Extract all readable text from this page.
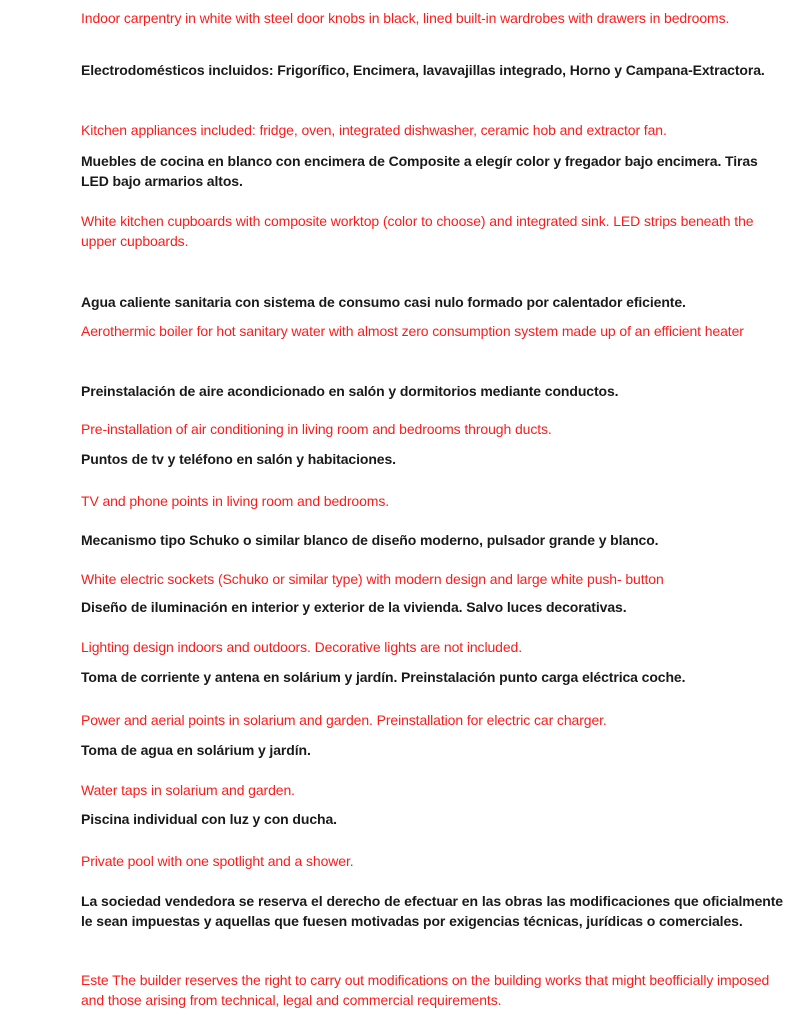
Indoor carpentry in white with steel door knobs in black, lined built-in wardrobes with drawers in bedrooms.

Electrodomésticos incluidos: Frigorífico, Encimera, lavavajillas integrado, Horno y Campana-Extractora.

Kitchen appliances included: fridge, oven, integrated dishwasher, ceramic hob and extractor fan.

Muebles de cocina en blanco con encimera de Composite a elegír color y fregador bajo encimera. Tiras LED bajo armarios altos.

White kitchen cupboards with composite worktop (color to choose) and integrated sink. LED strips beneath the upper cupboards.

Agua caliente sanitaria con sistema de consumo casi nulo formado por calentador eficiente.

Aerothermic boiler for hot sanitary water with almost zero consumption system made up of an efficient heater

Preinstalación de aire acondicionado en salón y dormitorios mediante conductos.

Pre-installation of air conditioning in living room and bedrooms through ducts.

Puntos de tv y teléfono en salón y habitaciones.

TV and phone points in living room and bedrooms.

Mecanismo tipo Schuko o similar blanco de diseño moderno, pulsador grande y blanco.

White electric sockets (Schuko or similar type) with modern design and large white push- button

Diseño de iluminación en interior y exterior de la vivienda. Salvo luces decorativas.

Lighting design indoors and outdoors. Decorative lights are not included.

Toma de corriente y antena en solárium y jardín. Preinstalación punto carga eléctrica coche.

Power and aerial points in solarium and garden. Preinstallation for electric car charger.

Toma de agua en solárium y jardín.

Water taps in solarium and garden.

Piscina individual con luz y con ducha.

Private pool with one spotlight and a shower.

La sociedad vendedora se reserva el derecho de efectuar en las obras las modificaciones que oficialmente le sean impuestas y aquellas que fuesen motivadas por exigencias técnicas, jurídicas o comerciales.

Este The builder reserves the right to carry out modifications on the building works that might beofficially imposed and those arising from technical, legal and commercial requirements.
